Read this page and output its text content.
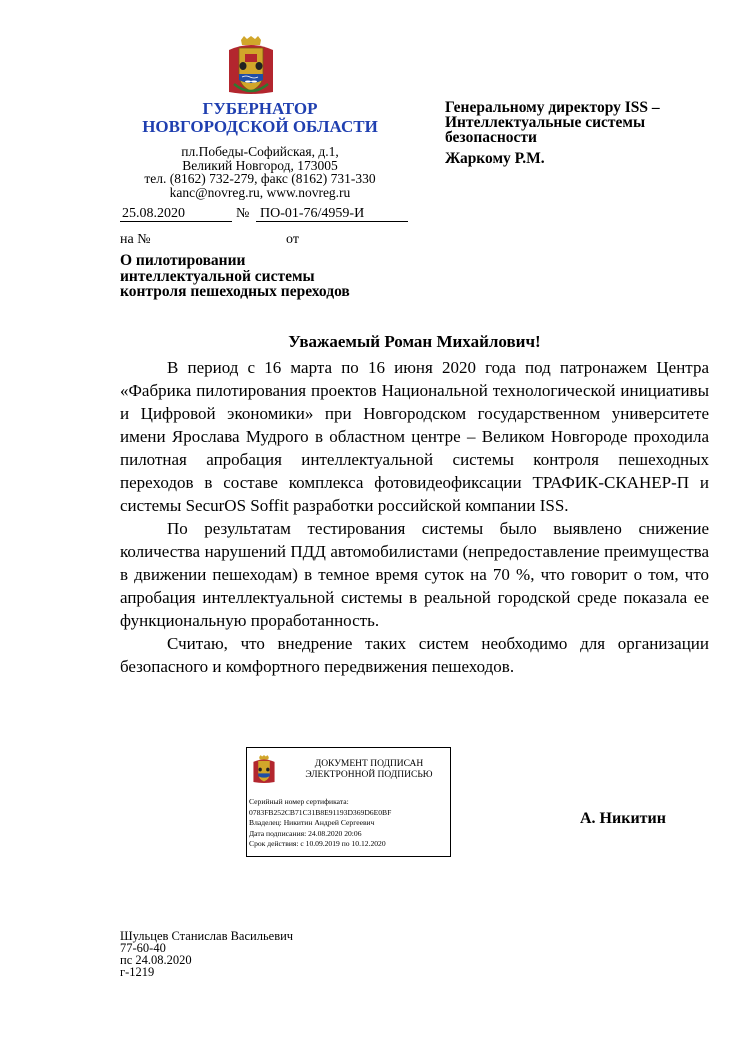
ГУБЕРНАТОР
НОВГОРОДСКОЙ ОБЛАСТИ
пл.Победы-Софийская, д.1,
Великий Новгород, 173005
тел. (8162) 732-279, факс (8162) 731-330
kanc@novreg.ru, www.novreg.ru
Генеральному директору ISS –
Интеллектуальные системы
безопасности
Жаркому Р.М.
25.08.2020	№ ПО-01-76/4959-И
на №	от
О пилотировании
интеллектуальной системы
контроля пешеходных переходов
Уважаемый Роман Михайлович!

В период с 16 марта по 16 июня 2020 года под патронажем Центра «Фабрика пилотирования проектов Национальной технологической инициативы и Цифровой экономики» при Новгородском государственном университете имени Ярослава Мудрого в областном центре – Великом Новгороде проходила пилотная апробация интеллектуальной системы контроля пешеходных переходов в составе комплекса фотовидеофиксации ТРАФИК-СКАНЕР-П и системы SecurOS Soffit разработки российской компании ISS.

По результатам тестирования системы было выявлено снижение количества нарушений ПДД автомобилистами (непредоставление преимущества в движении пешеходам) в темное время суток на 70 %, что говорит о том, что апробация интеллектуальной системы в реальной городской среде показала ее функциональную проработанность.

Считаю, что внедрение таких систем необходимо для организации безопасного и комфортного передвижения пешеходов.

ДОКУМЕНТ ПОДПИСАН
ЭЛЕКТРОННОЙ ПОДПИСЬЮ
Серийный номер сертификата:
0783FB252CB71C31B8E91193D369D6E0BF
Владелец: Никитин Андрей Сергеевич
Дата подписания: 24.08.2020 20:06
Срок действия: с 10.09.2019 по 10.12.2020
А. Никитин
Шульцев Станислав Васильевич
77-60-40
пс 24.08.2020
г-1219
